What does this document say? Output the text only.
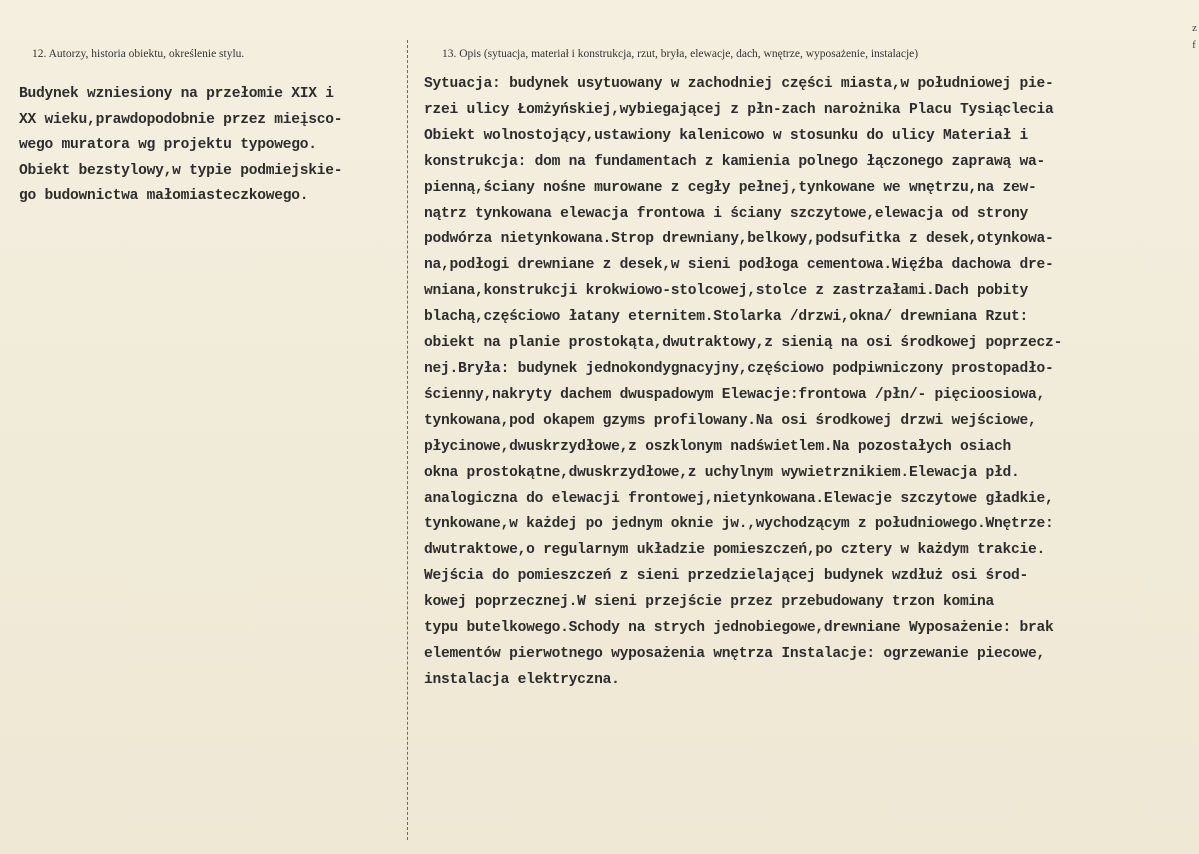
12. Autorzy, historia obiektu, określenie stylu.	13. Opis (sytuacja, materiał i konstrukcja, rzut, bryła, elewacje, dach, wnętrze, wyposażenie, instalacje)
z
f
Budynek wzniesiony na przełomie XIX i
XX wieku,prawdopodobnie przez mieįsco-
wego muratora wg projektu typowego.
Obiekt bezstylowy,w typie podmiejskie-
go budownictwa małomiasteczkowego.
Sytuacja: budynek usytuowany w zachodniej części miasta,w południowej pie-
rzei ulicy Łomżyńskiej,wybiegającej z płn-zach narożnika Placu Tysiąclecia
Obiekt wolnostojący,ustawiony kalenicowo w stosunku do ulicy Materiał i
konstrukcja: dom na fundamentach z kamienia polnego łączonego zaprawą wa-
pienną,ściany nośne murowane z cegły pełnej,tynkowane we wnętrzu,na zew-
nątrz tynkowana elewacja frontowa i ściany szczytowe,elewacja od strony
podwórza nietynkowana.Strop drewniany,belkowy,podsufitka z desek,otynkowa-
na,podłogi drewniane z desek,w sieni podłoga cementowa.Więźba dachowa dre-
wniana,konstrukcji krokwiowo-stolcowej,stolce z zastrzałami.Dach pobity
blachą,częściowo łatany eternitem.Stolarka /drzwi,okna/ drewniana Rzut:
obiekt na planie prostokąta,dwutraktowy,z sienią na osi środkowej poprzecz-
nej.Bryła: budynek jednokondygnacyjny,częściowo podpiwniczony prostopadło-
ścienny,nakryty dachem dwuspadowym Elewacje:frontowa /płn/- pięcioosiowa,
tynkowana,pod okapem gzyms profilowany.Na osi środkowej drzwi wejściowe,
płycinowe,dwuskrzydłowe,z oszklonym nadświetlem.Na pozostałych osiach
okna prostokątne,dwuskrzydłowe,z uchylnym wywietrznikiem.Elewacja płd.
analogiczna do elewacji frontowej,nietynkowana.Elewacje szczytowe gładkie,
tynkowane,w każdej po jednym oknie jw.,wychodzącym z południowego.Wnętrze:
dwutraktowe,o regularnym układzie pomieszczeń,po cztery w każdym trakcie.
Wejścia do pomieszczeń z sieni przedzielającej budynek wzdłuż osi środ-
kowej poprzecznej.W sieni przejście przez przebudowany trzon komina
typu butelkowego.Schody na strych jednobiegowe,drewniane Wyposażenie: brak
elementów pierwotnego wyposażenia wnętrza Instalacje: ogrzewanie piecowe,
instalacja elektryczna.
